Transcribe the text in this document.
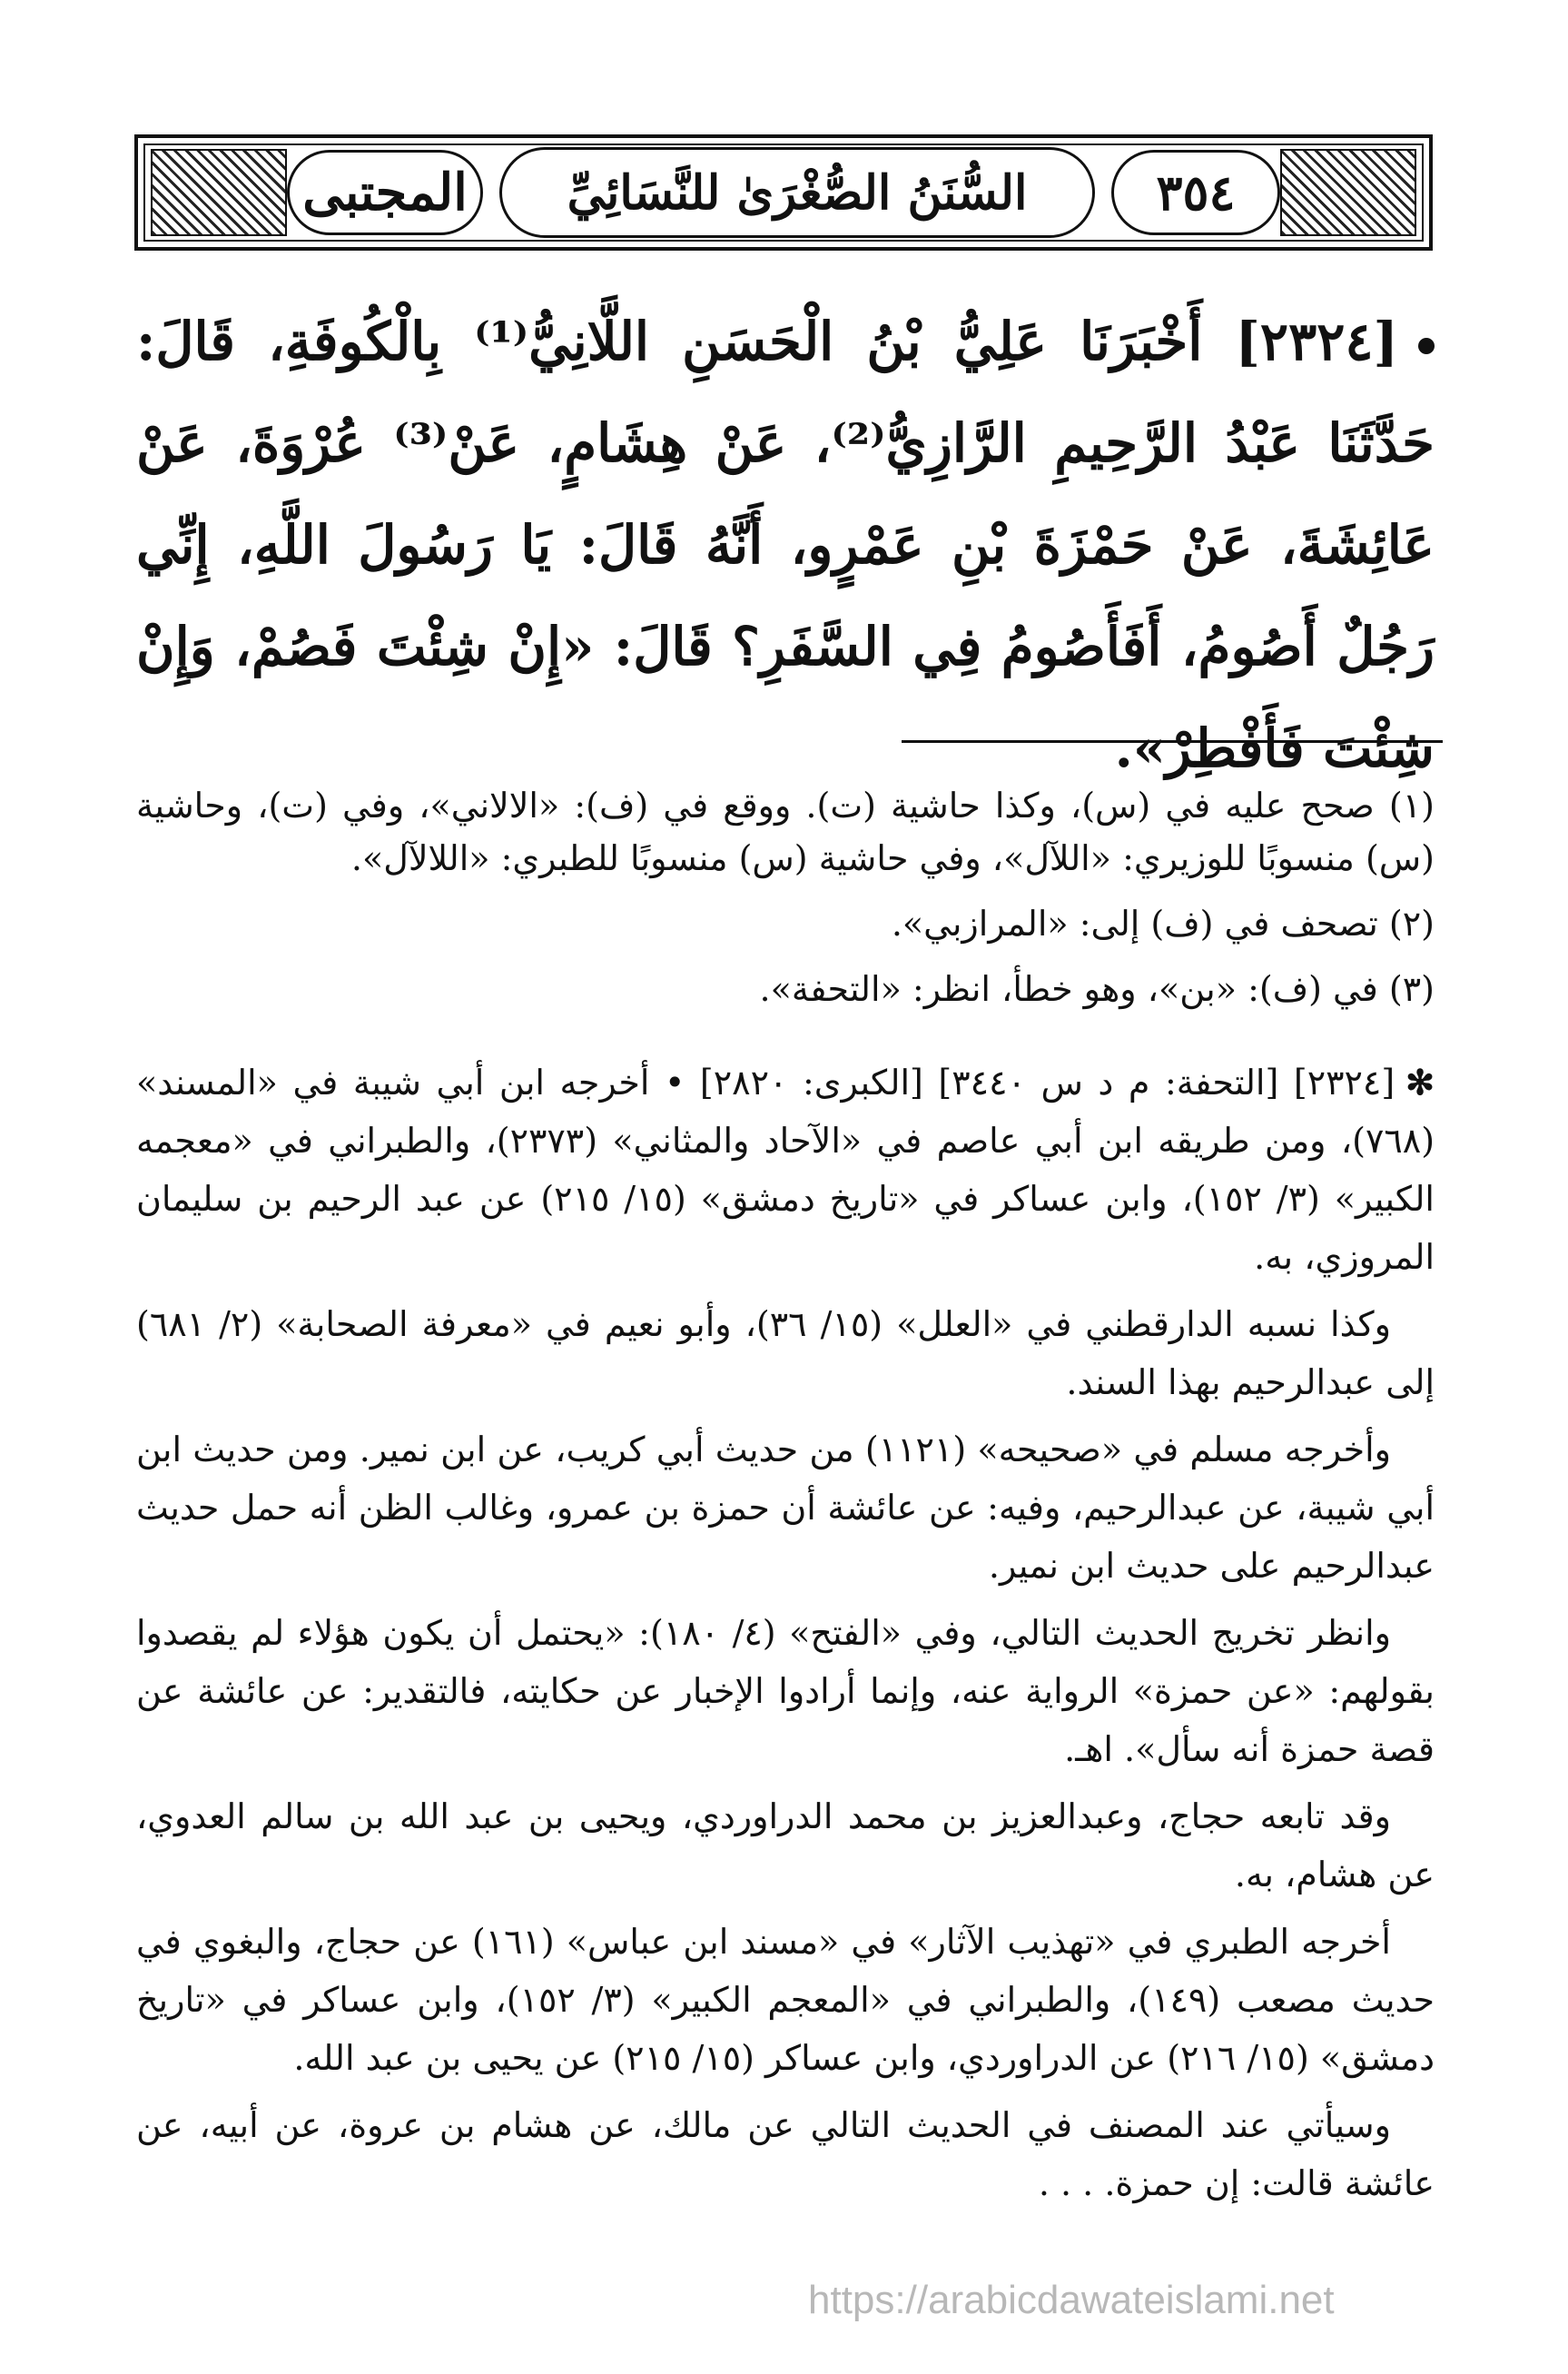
المجتبى السُّنَنُ الصُّغْرَىٰ للنَّسَائِيِّ	٣٥٤
[٢٣٢٤] أَخْبَرَنَا عَلِيُّ بْنُ الْحَسَنِ اللَّانِيُّ⁽¹⁾ بِالْكُوفَةِ، قَالَ: حَدَّثَنَا عَبْدُ الرَّحِيمِ الرَّازِيُّ⁽²⁾، عَنْ هِشَامٍ، عَنْ⁽³⁾ عُرْوَةَ، عَنْ عَائِشَةَ، عَنْ حَمْزَةَ بْنِ عَمْرٍو، أَنَّهُ قَالَ: يَا رَسُولَ اللَّهِ، إِنِّي رَجُلٌ أَصُومُ، أَفَأَصُومُ فِي السَّفَرِ؟ قَالَ: «إِنْ شِئْتَ فَصُمْ، وَإِنْ شِئْتَ فَأَفْطِرْ».

(١) صحح عليه في (س)، وكذا حاشية (ت). ووقع في (ف): «الالاني»، وفي (ت)، وحاشية (س) منسوبًا للوزيري: «اللآل»، وفي حاشية (س) منسوبًا للطبري: «اللالآل».

(٢) تصحف في (ف) إلى: «المرازبي».

(٣) في (ف): «بن»، وهو خطأ، انظر: «التحفة».

✻[٢٣٢٤] [التحفة: م د س ٣٤٤٠] [الكبرى: ٢٨٢٠] • أخرجه ابن أبي شيبة في «المسند» (٧٦٨)، ومن طريقه ابن أبي عاصم في «الآحاد والمثاني» (٢٣٧٣)، والطبراني في «معجمه الكبير» (٣/ ١٥٢)، وابن عساكر في «تاريخ دمشق» (١٥/ ٢١٥) عن عبد الرحيم بن سليمان المروزي، به.

وكذا نسبه الدارقطني في «العلل» (١٥/ ٣٦)، وأبو نعيم في «معرفة الصحابة» (٢/ ٦٨١) إلى عبدالرحيم بهذا السند.

وأخرجه مسلم في «صحيحه» (١١٢١) من حديث أبي كريب، عن ابن نمير. ومن حديث ابن أبي شيبة، عن عبدالرحيم، وفيه: عن عائشة أن حمزة بن عمرو، وغالب الظن أنه حمل حديث عبدالرحيم على حديث ابن نمير.

وانظر تخريج الحديث التالي، وفي «الفتح» (٤/ ١٨٠): «يحتمل أن يكون هؤلاء لم يقصدوا بقولهم: «عن حمزة» الرواية عنه، وإنما أرادوا الإخبار عن حكايته، فالتقدير: عن عائشة عن قصة حمزة أنه سأل». اهـ.

وقد تابعه حجاج، وعبدالعزيز بن محمد الدراوردي، ويحيى بن عبد الله بن سالم العدوي، عن هشام، به.

أخرجه الطبري في «تهذيب الآثار» في «مسند ابن عباس» (١٦١) عن حجاج، والبغوي في حديث مصعب (١٤٩)، والطبراني في «المعجم الكبير» (٣/ ١٥٢)، وابن عساكر في «تاريخ دمشق» (١٥/ ٢١٦) عن الدراوردي، وابن عساكر (١٥/ ٢١٥) عن يحيى بن عبد الله.

وسيأتي عند المصنف في الحديث التالي عن مالك، عن هشام بن عروة، عن أبيه، عن عائشة قالت: إن حمزة. . . .

https://arabicdawateislami.net
